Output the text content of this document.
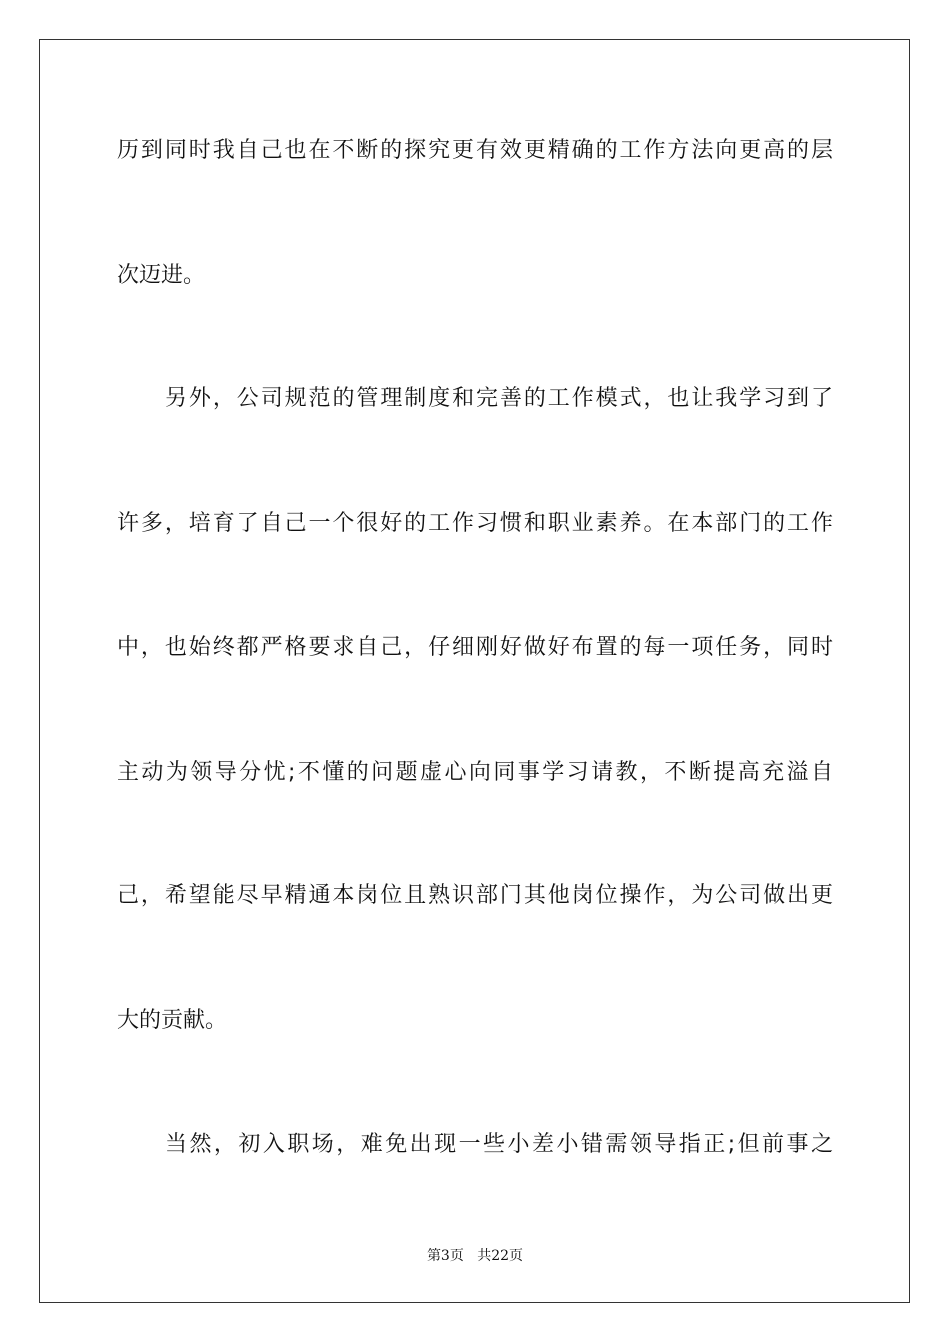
历到同时我自己也在不断的探究更有效更精确的工作方法向更高的层
次迈进。
另外，公司规范的管理制度和完善的工作模式，也让我学习到了
许多，培育了自己一个很好的工作习惯和职业素养。在本部门的工作
中，也始终都严格要求自己，仔细刚好做好布置的每一项任务，同时
主动为领导分忧;不懂的问题虚心向同事学习请教，不断提高充溢自
己，希望能尽早精通本岗位且熟识部门其他岗位操作，为公司做出更
大的贡献。
当然，初入职场，难免出现一些小差小错需领导指正;但前事之
第3页 共22页
